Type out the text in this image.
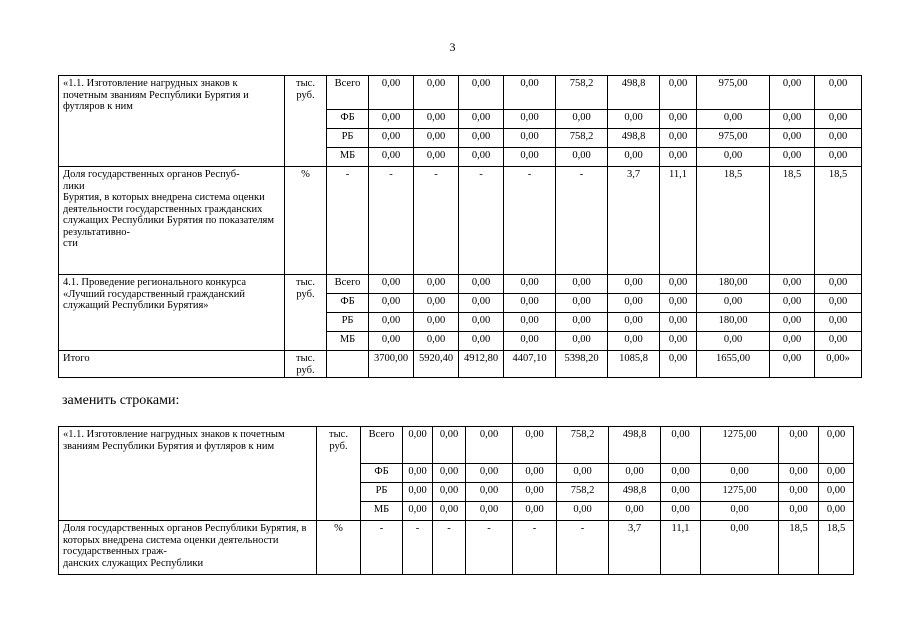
3
«1.1. Изготовление нагрудных знаков к почетным званиям Республики Бурятия и футляров к ним	тыс. руб.	Всего	0,00	0,00	0,00	0,00	758,2	498,8	0,00	975,00	0,00	0,00
		ФБ	0,00	0,00	0,00	0,00	0,00	0,00	0,00	0,00	0,00	0,00
		РБ	0,00	0,00	0,00	0,00	758,2	498,8	0,00	975,00	0,00	0,00
		МБ	0,00	0,00	0,00	0,00	0,00	0,00	0,00	0,00	0,00	0,00
Доля государственных органов Респуб-
лики
Бурятия, в которых внедрена система оценки деятельности государственных гражданских служащих Республики Бурятия по показателям результативно-
сти	%	-	-	-	-	-	-	3,7	11,1	18,5	18,5	18,5
4.1. Проведение регионального конкурса «Лучший государственный гражданский служащий Республики Бурятия»	тыс. руб.	Всего	0,00	0,00	0,00	0,00	0,00	0,00	0,00	180,00	0,00	0,00
		ФБ	0,00	0,00	0,00	0,00	0,00	0,00	0,00	0,00	0,00	0,00
		РБ	0,00	0,00	0,00	0,00	0,00	0,00	0,00	180,00	0,00	0,00
		МБ	0,00	0,00	0,00	0,00	0,00	0,00	0,00	0,00	0,00	0,00
Итого	тыс. руб.		3700,00	5920,40	4912,80	4407,10	5398,20	1085,8	0,00	1655,00	0,00	0,00»
заменить строками:
«1.1. Изготовление нагрудных знаков к почетным званиям Республики Бурятия и футляров к ним	тыс. руб.	Всего	0,00	0,00	0,00	0,00	758,2	498,8	0,00	1275,00	0,00	0,00
		ФБ	0,00	0,00	0,00	0,00	0,00	0,00	0,00	0,00	0,00	0,00
		РБ	0,00	0,00	0,00	0,00	758,2	498,8	0,00	1275,00	0,00	0,00
		МБ	0,00	0,00	0,00	0,00	0,00	0,00	0,00	0,00	0,00	0,00
Доля государственных органов Республики Бурятия, в которых внедрена система оценки деятельности государственных граж-
данских служащих Республики	%	-	-	-	-	-	-	3,7	11,1	0,00	18,5	18,5
